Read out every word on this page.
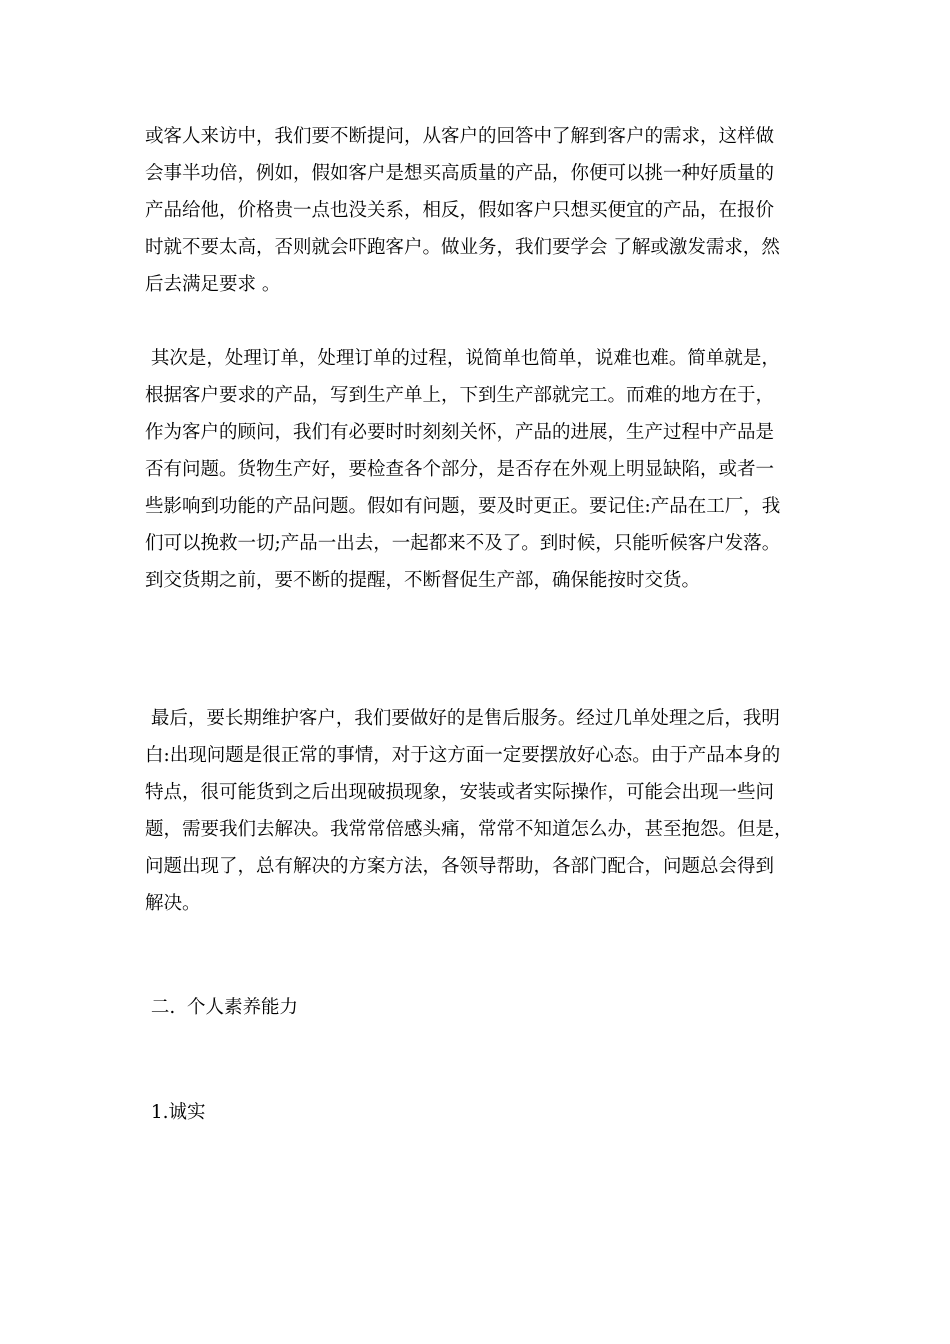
或客人来访中，我们要不断提问，从客户的回答中了解到客户的需求，这样做

会事半功倍，例如，假如客户是想买高质量的产品，你便可以挑一种好质量的

产品给他，价格贵一点也没关系，相反，假如客户只想买便宜的产品，在报价

时就不要太高，否则就会吓跑客户。做业务，我们要学会 了解或激发需求，然

后去满足要求 。

其次是，处理订单，处理订单的过程，说简单也简单，说难也难。简单就是，

根据客户要求的产品，写到生产单上，下到生产部就完工。而难的地方在于，

作为客户的顾问，我们有必要时时刻刻关怀，产品的进展，生产过程中产品是

否有问题。货物生产好，要检查各个部分，是否存在外观上明显缺陷，或者一

些影响到功能的产品问题。假如有问题，要及时更正。要记住:产品在工厂，我

们可以挽救一切;产品一出去，一起都来不及了。到时候，只能听候客户发落。

到交货期之前，要不断的提醒，不断督促生产部，确保能按时交货。

最后，要长期维护客户，我们要做好的是售后服务。经过几单处理之后，我明

白:出现问题是很正常的事情，对于这方面一定要摆放好心态。由于产品本身的

特点，很可能货到之后出现破损现象，安装或者实际操作，可能会出现一些问

题，需要我们去解决。我常常倍感头痛，常常不知道怎么办，甚至抱怨。但是，

问题出现了，总有解决的方案方法，各领导帮助，各部门配合，问题总会得到

解决。

二.  个人素养能力
1.诚实
